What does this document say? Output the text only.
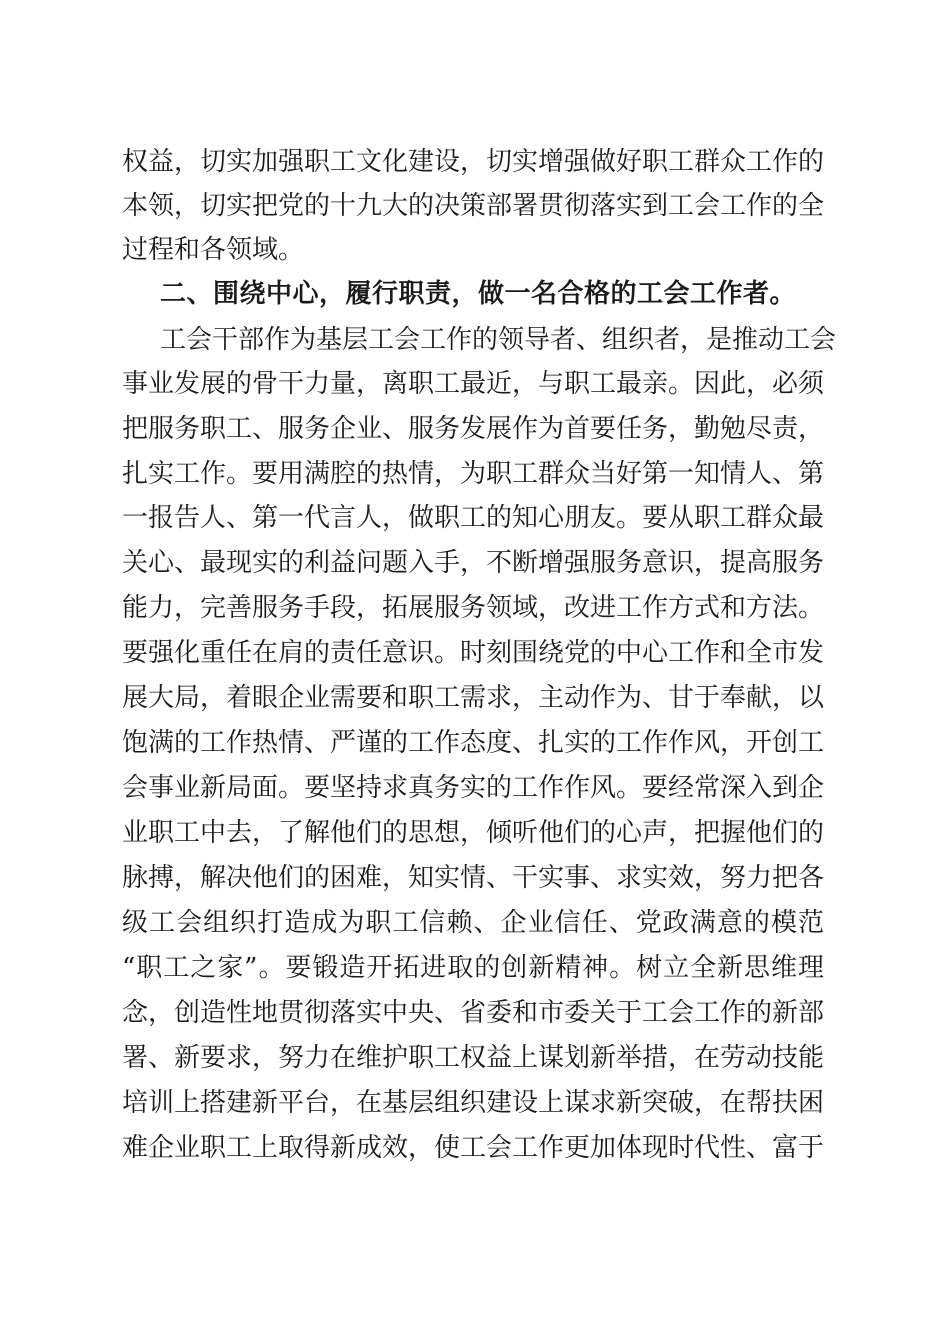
权益，切实加强职工文化建设，切实增强做好职工群众工作的
本领，切实把党的十九大的决策部署贯彻落实到工会工作的全
过程和各领域。
二、围绕中心，履行职责，做一名合格的工会工作者。
工会干部作为基层工会工作的领导者、组织者，是推动工会
事业发展的骨干力量，离职工最近，与职工最亲。因此，必须
把服务职工、服务企业、服务发展作为首要任务，勤勉尽责，
扎实工作。要用满腔的热情，为职工群众当好第一知情人、第
一报告人、第一代言人，做职工的知心朋友。要从职工群众最
关心、最现实的利益问题入手，不断增强服务意识，提高服务
能力，完善服务手段，拓展服务领域，改进工作方式和方法。
要强化重任在肩的责任意识。时刻围绕党的中心工作和全市发
展大局，着眼企业需要和职工需求，主动作为、甘于奉献，以
饱满的工作热情、严谨的工作态度、扎实的工作作风，开创工
会事业新局面。要坚持求真务实的工作作风。要经常深入到企
业职工中去，了解他们的思想，倾听他们的心声，把握他们的
脉搏，解决他们的困难，知实情、干实事、求实效，努力把各
级工会组织打造成为职工信赖、企业信任、党政满意的模范
“职工之家”。要锻造开拓进取的创新精神。树立全新思维理
念，创造性地贯彻落实中央、省委和市委关于工会工作的新部
署、新要求，努力在维护职工权益上谋划新举措，在劳动技能
培训上搭建新平台，在基层组织建设上谋求新突破，在帮扶困
难企业职工上取得新成效，使工会工作更加体现时代性、富于
